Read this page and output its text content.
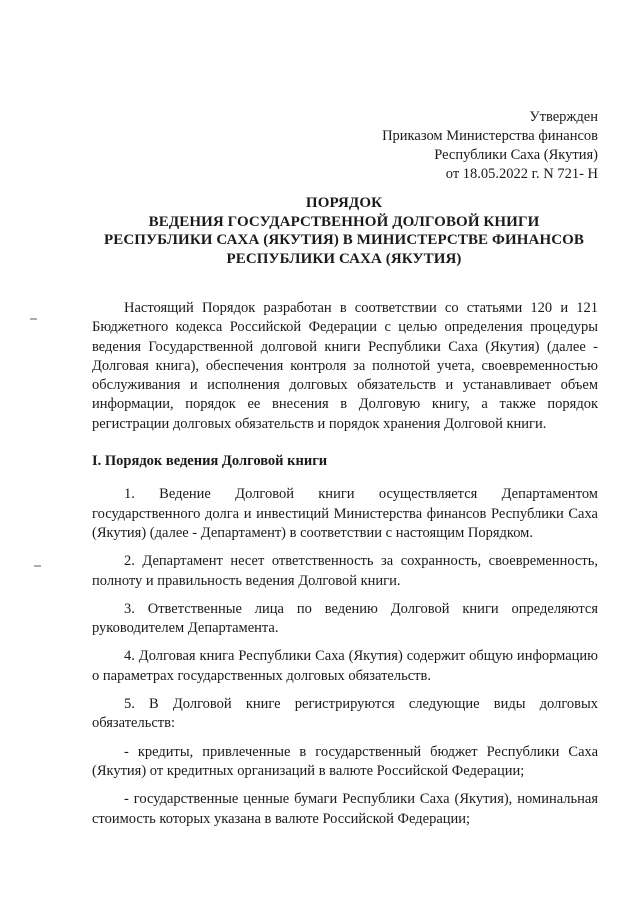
Утвержден
Приказом Министерства финансов
Республики Саха (Якутия)
от 18.05.2022 г. N 721- Н
ПОРЯДОК
ВЕДЕНИЯ ГОСУДАРСТВЕННОЙ ДОЛГОВОЙ КНИГИ
РЕСПУБЛИКИ САХА (ЯКУТИЯ) В МИНИСТЕРСТВЕ ФИНАНСОВ
РЕСПУБЛИКИ САХА (ЯКУТИЯ)

Настоящий Порядок разработан в соответствии со статьями 120 и 121 Бюджетного кодекса Российской Федерации с целью определения процедуры ведения Государственной долговой книги Республики Саха (Якутия) (далее - Долговая книга), обеспечения контроля за полнотой учета, своевременностью обслуживания и исполнения долговых обязательств и устанавливает объем информации, порядок ее внесения в Долговую книгу, а также порядок регистрации долговых обязательств и порядок хранения Долговой книги.

I. Порядок ведения Долговой книги

1. Ведение Долговой книги осуществляется Департаментом государственного долга и инвестиций Министерства финансов Республики Саха (Якутия) (далее - Департамент) в соответствии с настоящим Порядком.

2. Департамент несет ответственность за сохранность, своевременность, полноту и правильность ведения Долговой книги.

3. Ответственные лица по ведению Долговой книги определяются руководителем Департамента.

4. Долговая книга Республики Саха (Якутия) содержит общую информацию о параметрах государственных долговых обязательств.

5. В Долговой книге регистрируются следующие виды долговых обязательств:

- кредиты, привлеченные в государственный бюджет Республики Саха (Якутия) от кредитных организаций в валюте Российской Федерации;

- государственные ценные бумаги Республики Саха (Якутия), номинальная стоимость которых указана в валюте Российской Федерации;
